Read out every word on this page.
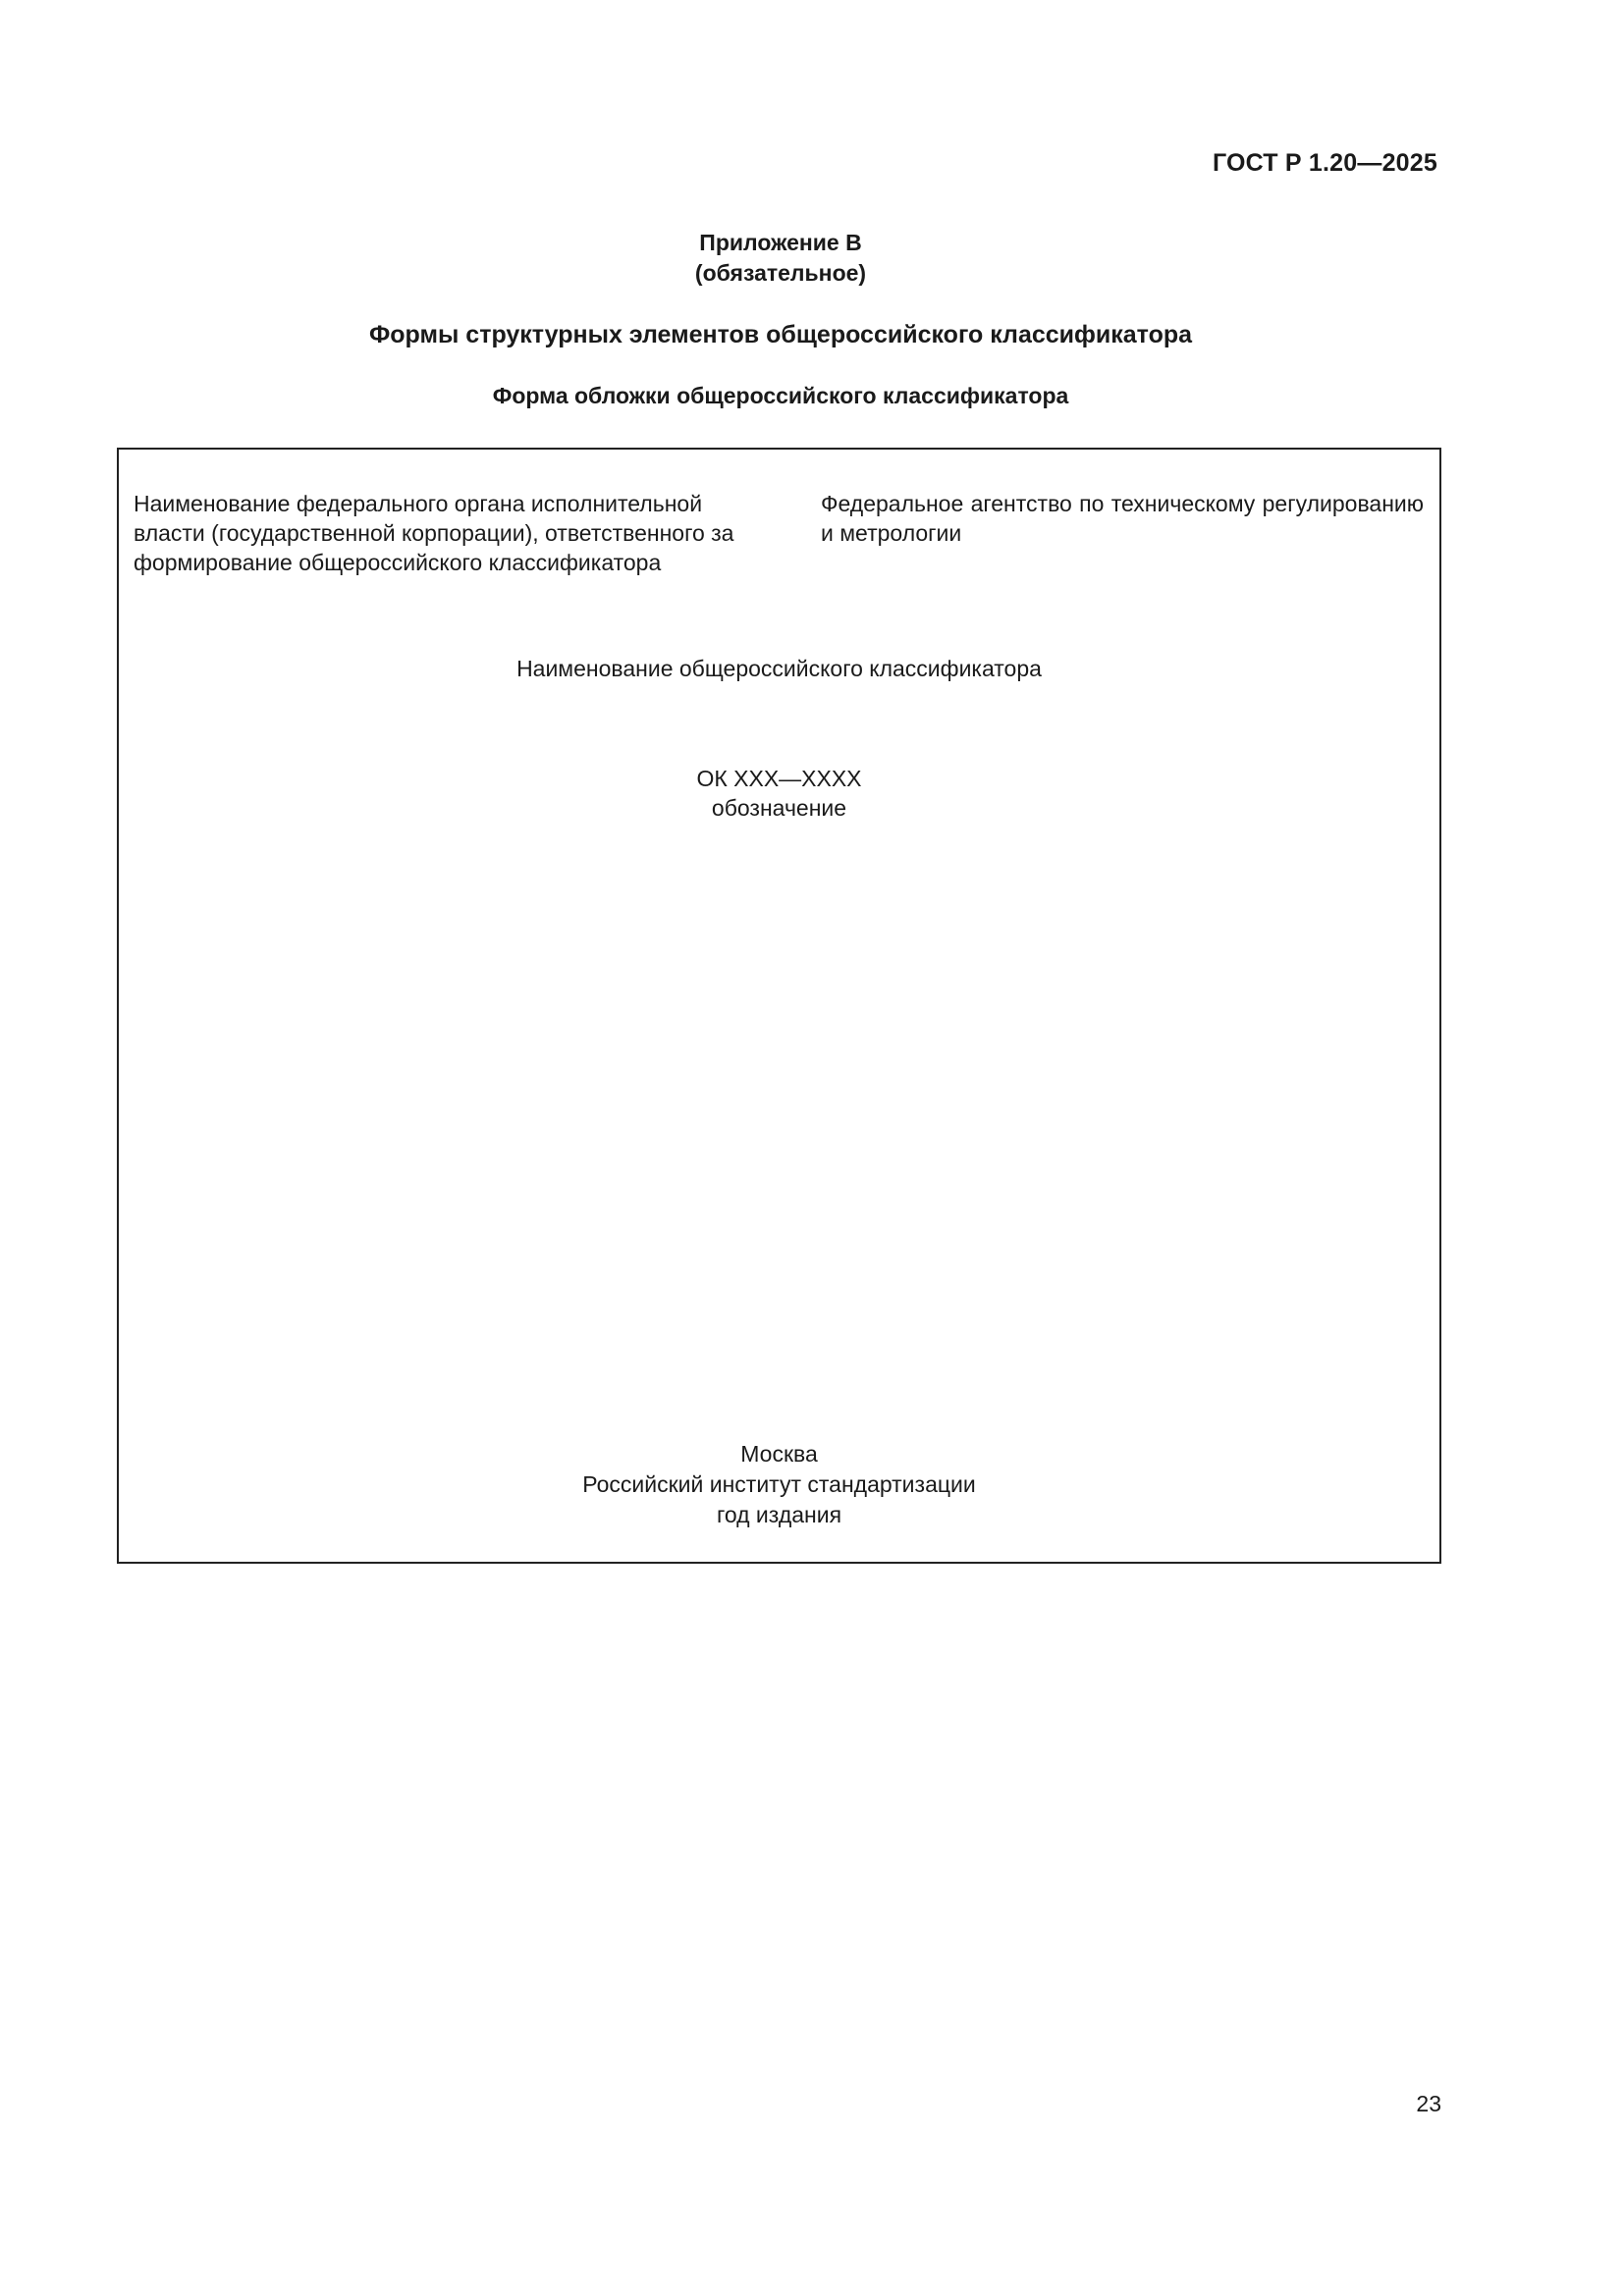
ГОСТ Р 1.20—2025
Приложение В
(обязательное)
Формы структурных элементов общероссийского классификатора
Форма обложки общероссийского классификатора
Наименование федерального органа исполнительной власти (государственной корпорации), ответственного за формирование общероссийского классификатора
Федеральное агентство по техническому регулированию и метрологии
Наименование общероссийского классификатора
ОК ХХХ—ХХХХ
обозначение
Москва
Российский институт стандартизации
год издания
23
